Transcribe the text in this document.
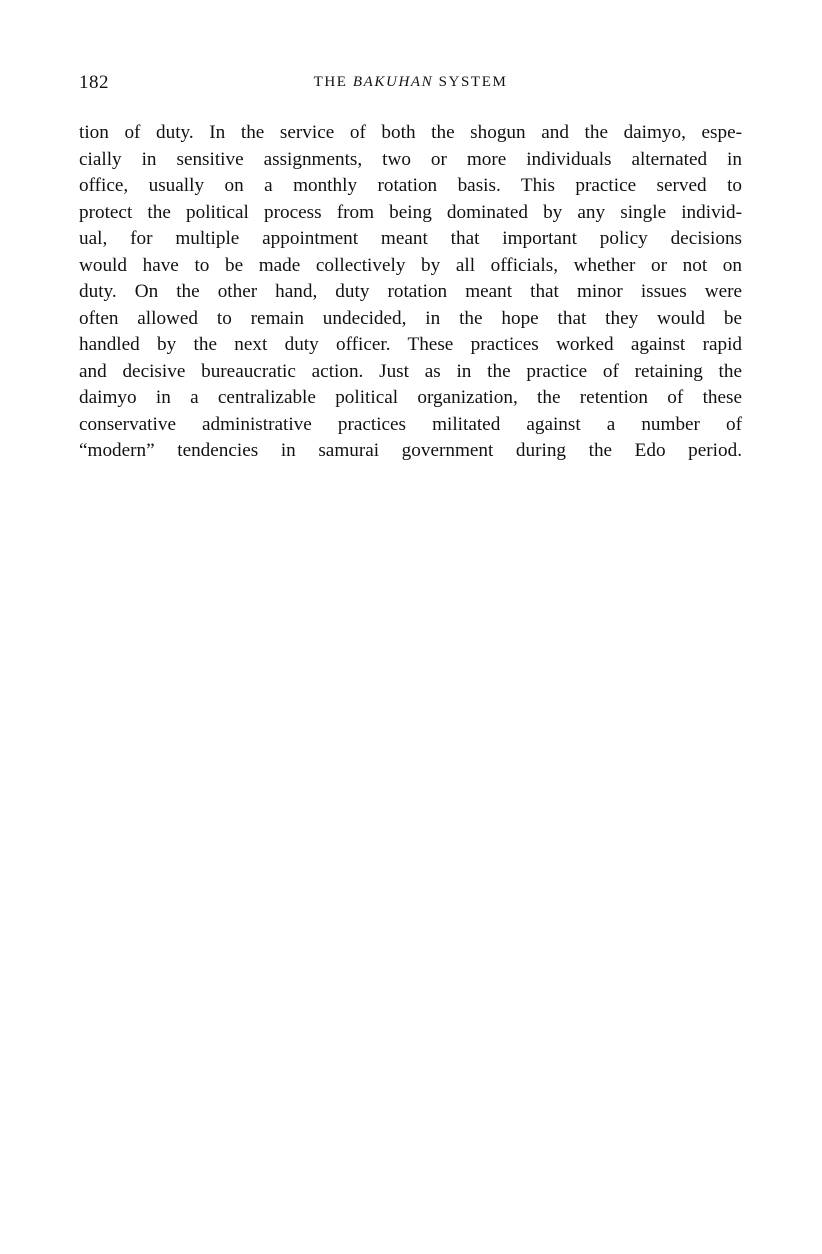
182	THE BAKUHAN SYSTEM
tion of duty. In the service of both the shogun and the daimyo, espe-
cially in sensitive assignments, two or more individuals alternated in
office, usually on a monthly rotation basis. This practice served to
protect the political process from being dominated by any single individ-
ual, for multiple appointment meant that important policy decisions
would have to be made collectively by all officials, whether or not on
duty. On the other hand, duty rotation meant that minor issues were
often allowed to remain undecided, in the hope that they would be
handled by the next duty officer. These practices worked against rapid
and decisive bureaucratic action. Just as in the practice of retaining the
daimyo in a centralizable political organization, the retention of these
conservative administrative practices militated against a number of
“modern” tendencies in samurai government during the Edo period.
